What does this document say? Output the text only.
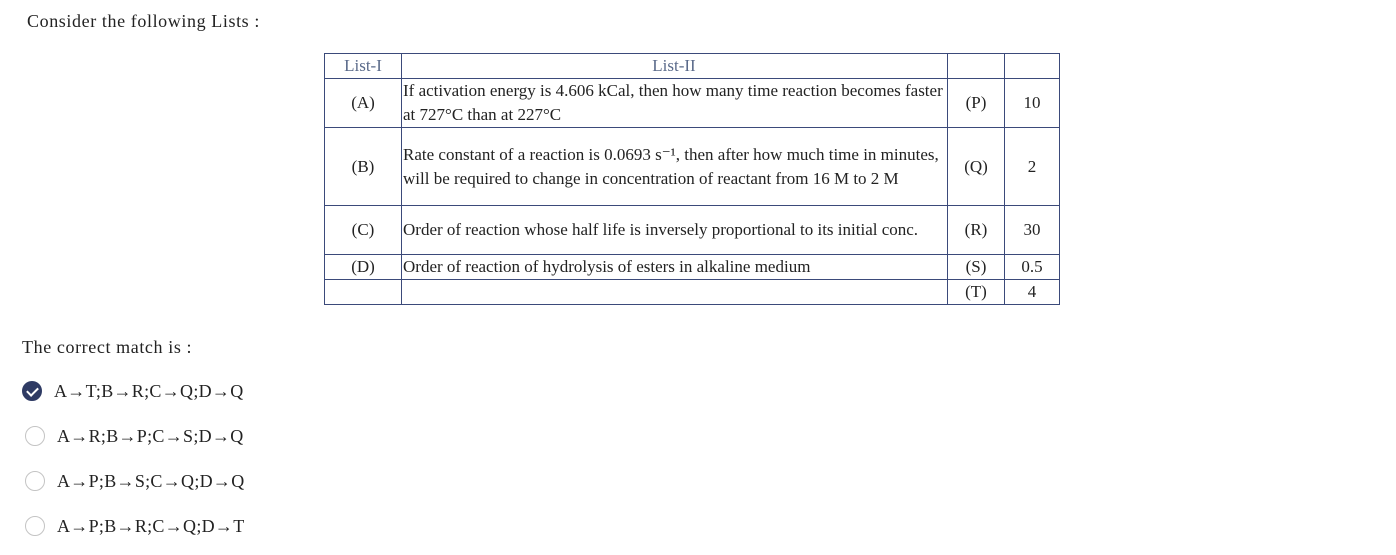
Consider the following Lists :
List-I	List-II		
(A)	If activation energy is 4.606 kCal, then how many time reaction becomes faster at 727°C than at 227°C	(P)	10
(B)	Rate constant of a reaction is 0.0693 s⁻¹, then after how much time in minutes, will be required to change in concentration of reactant from 16 M to 2 M	(Q)	2
(C)	Order of reaction whose half life is inversely proportional to its initial conc.	(R)	30
(D)	Order of reaction of hydrolysis of esters in alkaline medium	(S)	0.5
		(T)	4
The correct match is :
A→T;B→R;C→Q;D→Q
A→R;B→P;C→S;D→Q
A→P;B→S;C→Q;D→Q
A→P;B→R;C→Q;D→T
